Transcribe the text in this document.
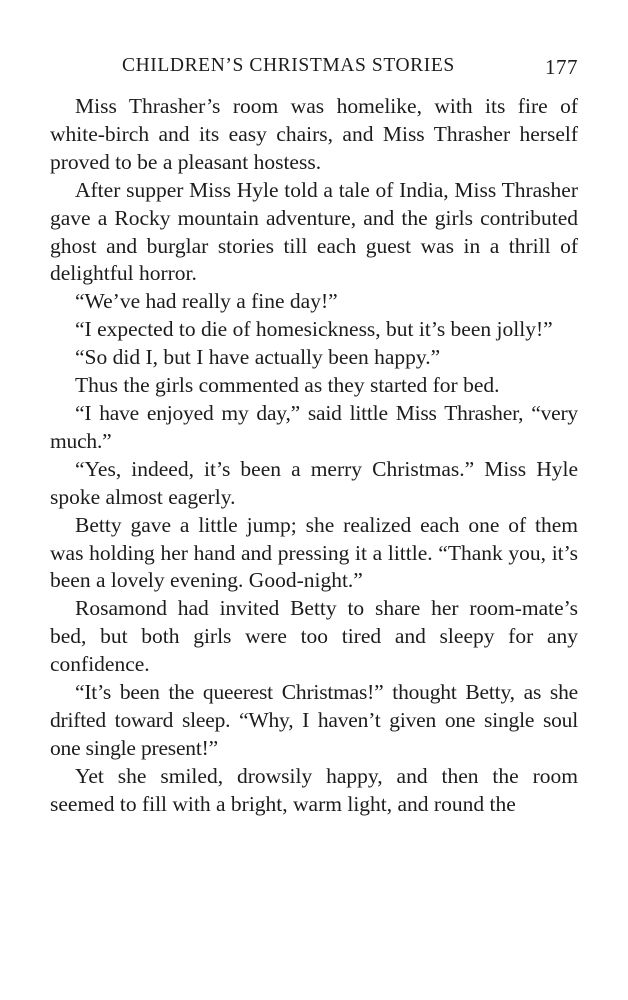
CHILDREN’S CHRISTMAS STORIES	177

Miss Thrasher’s room was homelike, with its fire of white-birch and its easy chairs, and Miss Thrasher herself proved to be a pleasant hostess.

After supper Miss Hyle told a tale of India, Miss Thrasher gave a Rocky mountain adventure, and the girls contributed ghost and burglar stories till each guest was in a thrill of delightful horror.

“We’ve had really a fine day!”

“I expected to die of homesickness, but it’s been jolly!”

“So did I, but I have actually been happy.”

Thus the girls commented as they started for bed.

“I have enjoyed my day,” said little Miss Thrasher, “very much.”

“Yes, indeed, it’s been a merry Christmas.” Miss Hyle spoke almost eagerly.

Betty gave a little jump; she realized each one of them was holding her hand and pressing it a little. “Thank you, it’s been a lovely evening. Good-night.”

Rosamond had invited Betty to share her room-mate’s bed, but both girls were too tired and sleepy for any confidence.

“It’s been the queerest Christmas!” thought Betty, as she drifted toward sleep. “Why, I haven’t given one single soul one single present!”

Yet she smiled, drowsily happy, and then the room seemed to fill with a bright, warm light, and round the
